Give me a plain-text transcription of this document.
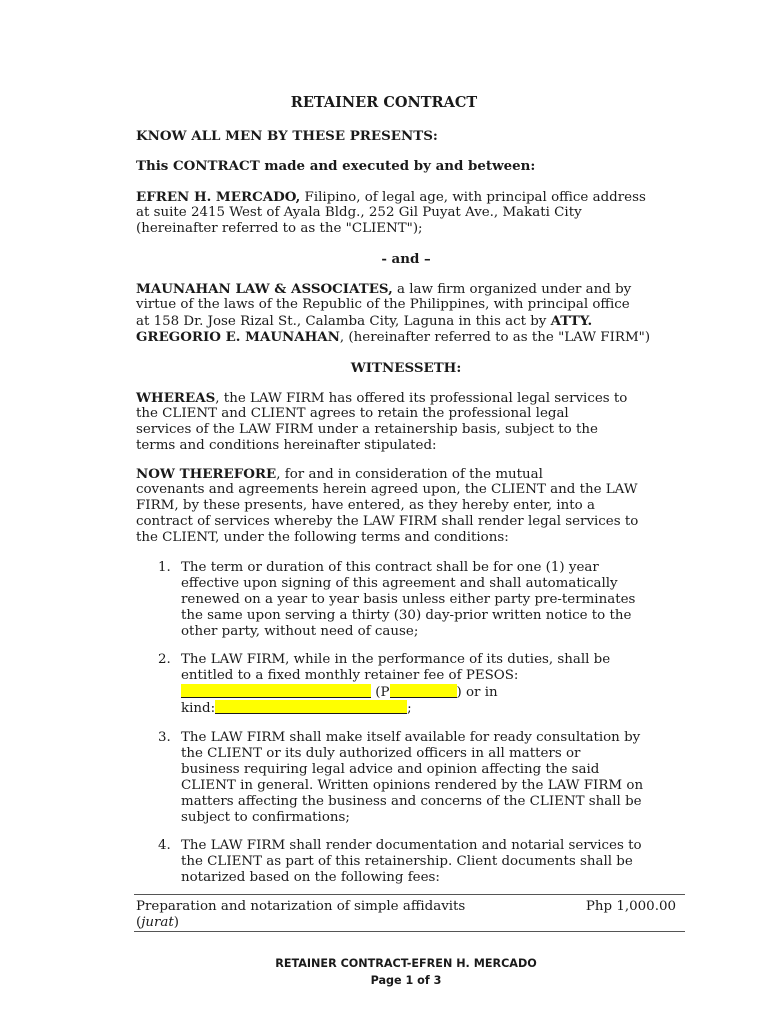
RETAINER CONTRACT
KNOW ALL MEN BY THESE PRESENTS:
This CONTRACT made and executed by and between:
EFREN H. MERCADO, Filipino, of legal age, with principal office address
at suite 2415 West of Ayala Bldg., 252 Gil Puyat Ave., Makati City
(hereinafter referred to as the "CLIENT");
- and –
MAUNAHAN LAW & ASSOCIATES, a law firm organized under and by
virtue of the laws of the Republic of the Philippines, with principal office
at 158 Dr. Jose Rizal St., Calamba City, Laguna in this act by ATTY.
GREGORIO E. MAUNAHAN, (hereinafter referred to as the "LAW FIRM")
WITNESSETH:
WHEREAS, the LAW FIRM has offered its professional legal services to
the CLIENT and CLIENT agrees to retain the professional legal
services of the LAW FIRM under a retainership basis, subject to the
terms and conditions hereinafter stipulated:
NOW THEREFORE, for and in consideration of the mutual
covenants and agreements herein agreed upon, the CLIENT and the LAW
FIRM, by these presents, have entered, as they hereby enter, into a
contract of services whereby the LAW FIRM shall render legal services to
the CLIENT, under the following terms and conditions:
1. The term or duration of this contract shall be for one (1) year
effective upon signing of this agreement and shall automatically
renewed on a year to year basis unless either party pre-terminates
the same upon serving a thirty (30) day-prior written notice to the
other party, without need of cause;
2. The LAW FIRM, while in the performance of its duties, shall be
entitled to a fixed monthly retainer fee of PESOS:
(P	) or in
kind:	;
3. The LAW FIRM shall make itself available for ready consultation by
the CLIENT or its duly authorized officers in all matters or
business requiring legal advice and opinion affecting the said
CLIENT in general. Written opinions rendered by the LAW FIRM on
matters affecting the business and concerns of the CLIENT shall be
subject to confirmations;
4. The LAW FIRM shall render documentation and notarial services to
the CLIENT as part of this retainership. Client documents shall be
notarized based on the following fees:
Preparation and notarization of simple affidavits	Php 1,000.00
(jurat)
RETAINER CONTRACT-EFREN H. MERCADO
Page 1 of 3
